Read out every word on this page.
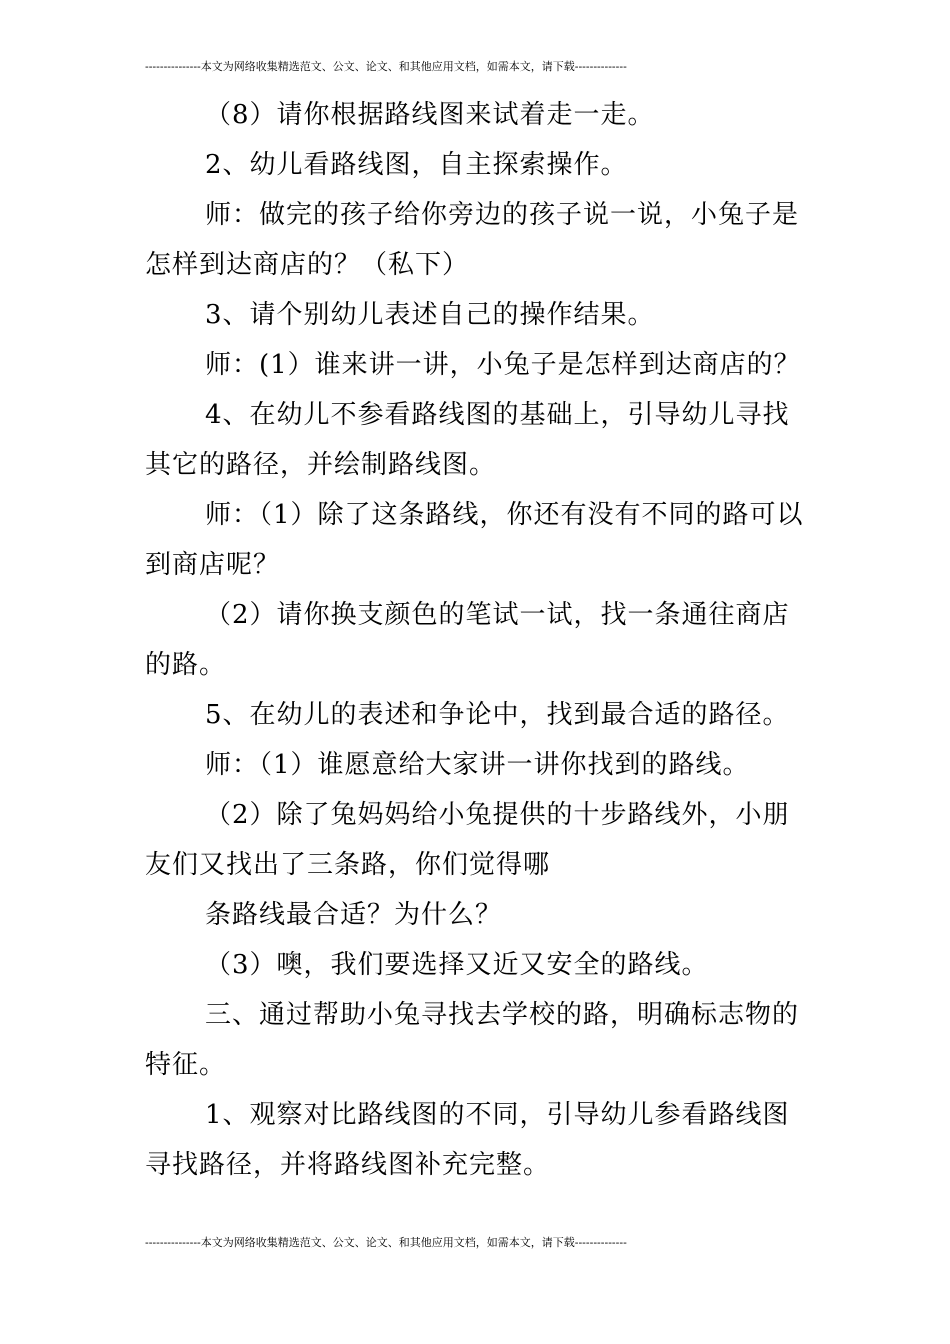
---------------本文为网络收集精选范文、公文、论文、和其他应用文档，如需本文，请下载--------------

（8）请你根据路线图来试着走一走。

2、幼儿看路线图，自主探索操作。

师：做完的孩子给你旁边的孩子说一说，小兔子是怎样到达商店的？（私下）

3、请个别幼儿表述自己的操作结果。

师：(1）谁来讲一讲，小兔子是怎样到达商店的？

4、在幼儿不参看路线图的基础上，引导幼儿寻找其它的路径，并绘制路线图。

师：（1）除了这条路线，你还有没有不同的路可以到商店呢？

（2）请你换支颜色的笔试一试，找一条通往商店的路。

5、在幼儿的表述和争论中，找到最合适的路径。

师：（1）谁愿意给大家讲一讲你找到的路线。

（2）除了兔妈妈给小兔提供的十步路线外，小朋友们又找出了三条路，你们觉得哪

条路线最合适？为什么？

（3）噢，我们要选择又近又安全的路线。

三、通过帮助小兔寻找去学校的路，明确标志物的特征。

1、观察对比路线图的不同，引导幼儿参看路线图寻找路径，并将路线图补充完整。

---------------本文为网络收集精选范文、公文、论文、和其他应用文档，如需本文，请下载--------------
